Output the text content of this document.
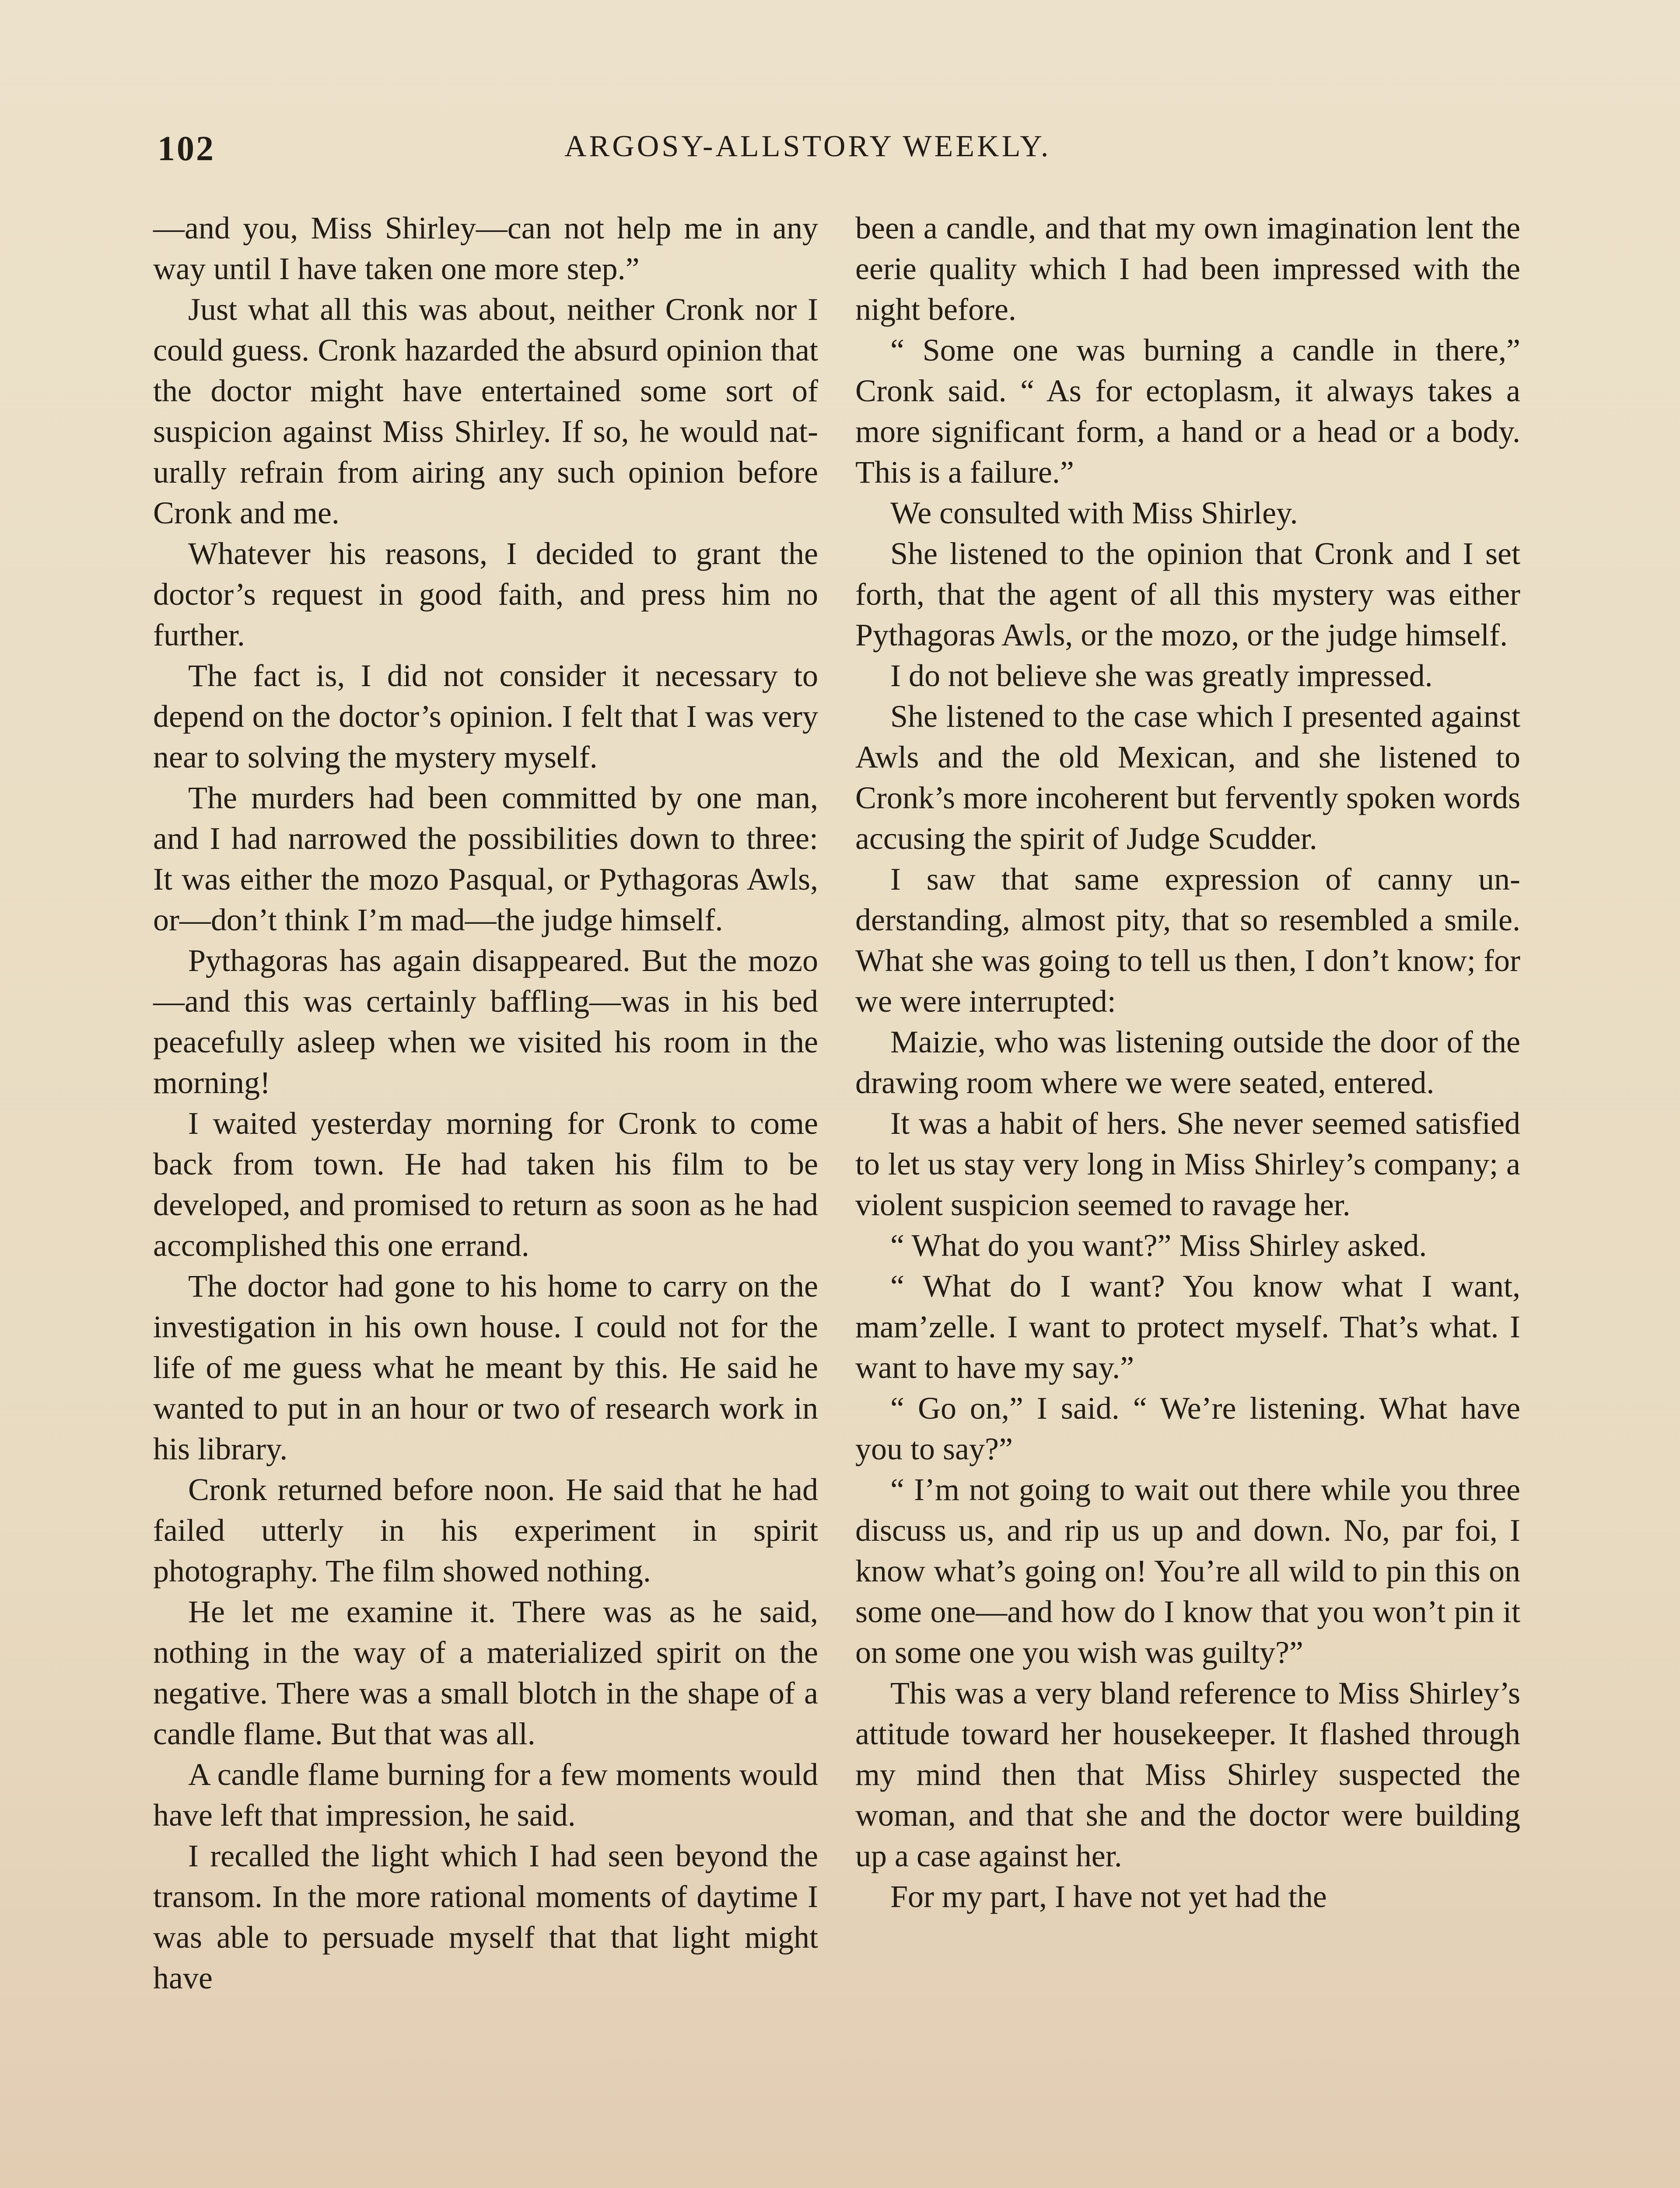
102	ARGOSY-ALLSTORY WEEKLY.

—and you, Miss Shirley—can not help me in any way until I have taken one more step.”

Just what all this was about, neither Cronk nor I could guess. Cronk hazarded the absurd opinion that the doctor might have entertained some sort of suspicion against Miss Shirley. If so, he would naturally refrain from airing any such opinion before Cronk and me.

Whatever his reasons, I decided to grant the doctor’s request in good faith, and press him no further.

The fact is, I did not consider it necessary to depend on the doctor’s opinion. I felt that I was very near to solving the mystery myself.

The murders had been committed by one man, and I had narrowed the possibilities down to three: It was either the mozo Pasqual, or Pythagoras Awls, or—don’t think I’m mad—the judge himself.

Pythagoras has again disappeared. But the mozo—and this was certainly baffling—was in his bed peacefully asleep when we visited his room in the morning!

I waited yesterday morning for Cronk to come back from town. He had taken his film to be developed, and promised to return as soon as he had accomplished this one errand.

The doctor had gone to his home to carry on the investigation in his own house. I could not for the life of me guess what he meant by this. He said he wanted to put in an hour or two of research work in his library.

Cronk returned before noon. He said that he had failed utterly in his experiment in spirit photography. The film showed nothing.

He let me examine it. There was as he said, nothing in the way of a materialized spirit on the negative. There was a small blotch in the shape of a candle flame. But that was all.

A candle flame burning for a few moments would have left that impression, he said.

I recalled the light which I had seen beyond the transom. In the more rational moments of daytime I was able to persuade myself that that light might have

been a candle, and that my own imagination lent the eerie quality which I had been impressed with the night before.

“ Some one was burning a candle in there,” Cronk said. “ As for ectoplasm, it always takes a more significant form, a hand or a head or a body. This is a failure.”

We consulted with Miss Shirley.

She listened to the opinion that Cronk and I set forth, that the agent of all this mystery was either Pythagoras Awls, or the mozo, or the judge himself.

I do not believe she was greatly impressed.

She listened to the case which I presented against Awls and the old Mexican, and she listened to Cronk’s more incoherent but fervently spoken words accusing the spirit of Judge Scudder.

I saw that same expression of canny understanding, almost pity, that so resembled a smile. What she was going to tell us then, I don’t know; for we were interrupted:

Maizie, who was listening outside the door of the drawing room where we were seated, entered.

It was a habit of hers. She never seemed satisfied to let us stay very long in Miss Shirley’s company; a violent suspicion seemed to ravage her.

“ What do you want?” Miss Shirley asked.

“ What do I want? You know what I want, mam’zelle. I want to protect myself. That’s what. I want to have my say.”

“ Go on,” I said. “ We’re listening. What have you to say?”

“ I’m not going to wait out there while you three discuss us, and rip us up and down. No, par foi, I know what’s going on! You’re all wild to pin this on some one—and how do I know that you won’t pin it on some one you wish was guilty?”

This was a very bland reference to Miss Shirley’s attitude toward her housekeeper. It flashed through my mind then that Miss Shirley suspected the woman, and that she and the doctor were building up a case against her.

For my part, I have not yet had the
